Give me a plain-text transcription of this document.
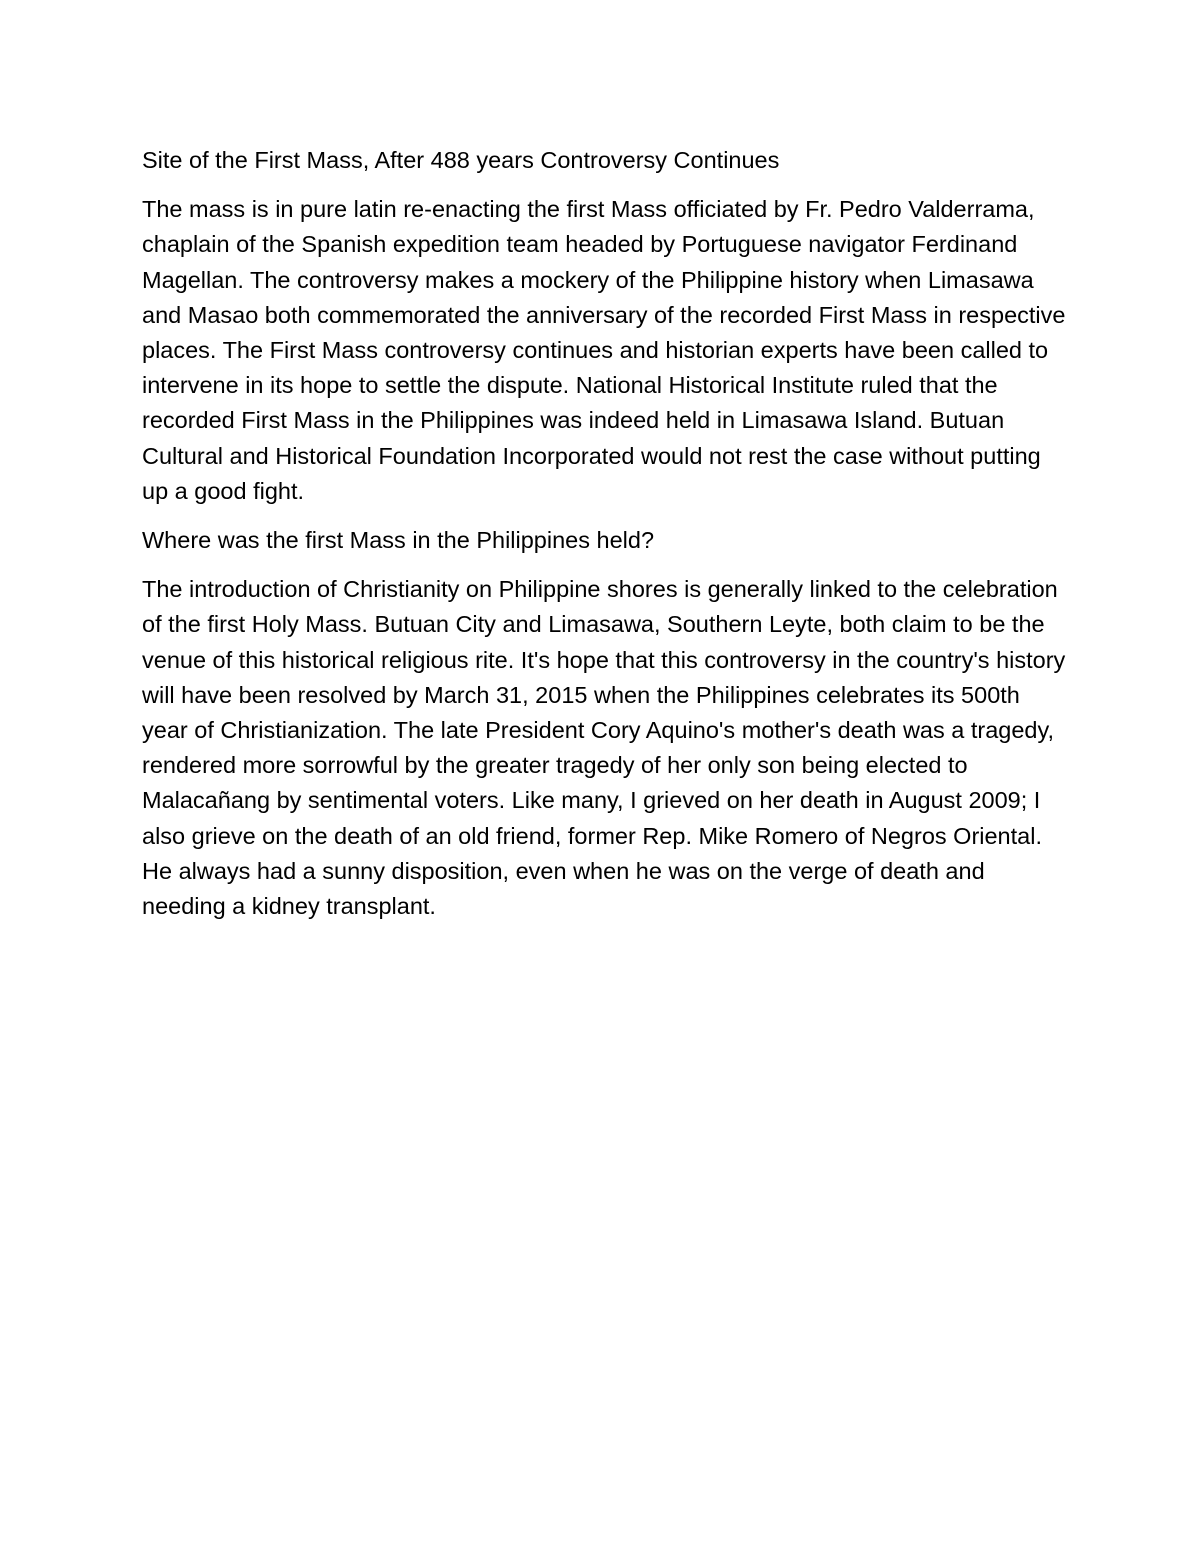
Site of the First Mass, After 488 years Controversy Continues

The mass is in pure latin re-enacting the first Mass officiated by Fr. Pedro Valderrama, chaplain of the Spanish expedition team headed by Portuguese navigator Ferdinand Magellan. The controversy makes a mockery of the Philippine history when Limasawa and Masao both commemorated the anniversary of the recorded First Mass in respective places. The First Mass controversy continues and historian experts have been called to intervene in its hope to settle the dispute. National Historical Institute ruled that the recorded First Mass in the Philippines was indeed held in Limasawa Island. Butuan Cultural and Historical Foundation Incorporated would not rest the case without putting up a good fight.

Where was the first Mass in the Philippines held?

The introduction of Christianity on Philippine shores is generally linked to the celebration of the first Holy Mass. Butuan City and Limasawa, Southern Leyte, both claim to be the venue of this historical religious rite. It's hope that this controversy in the country's history will have been resolved by March 31, 2015 when the Philippines celebrates its 500th year of Christianization. The late President Cory Aquino's mother's death was a tragedy, rendered more sorrowful by the greater tragedy of her only son being elected to Malacañang by sentimental voters. Like many, I grieved on her death in August 2009; I also grieve on the death of an old friend, former Rep. Mike Romero of Negros Oriental. He always had a sunny disposition, even when he was on the verge of death and needing a kidney transplant.
